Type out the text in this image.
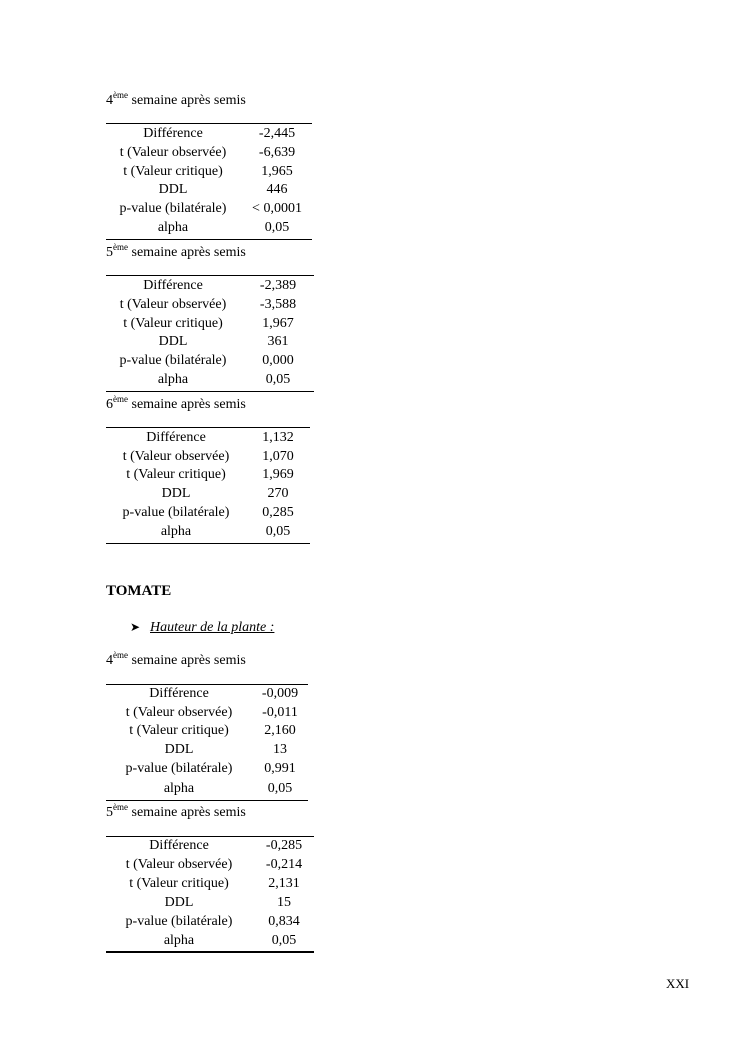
4ème semaine après semis
Différence	-2,445
t (Valeur observée)	-6,639
t (Valeur critique)	1,965
DDL	446
p-value (bilatérale)	< 0,0001
alpha	0,05
5ème semaine après semis
Différence	-2,389
t (Valeur observée)	-3,588
t (Valeur critique)	1,967
DDL	361
p-value (bilatérale)	0,000
alpha	0,05
6ème semaine après semis
Différence	1,132
t (Valeur observée)	1,070
t (Valeur critique)	1,969
DDL	270
p-value (bilatérale)	0,285
alpha	0,05
TOMATE
➤ Hauteur de la plante :
4ème semaine après semis
Différence	-0,009
t (Valeur observée)	-0,011
t (Valeur critique)	2,160
DDL	13
p-value (bilatérale)	0,991
alpha	0,05
5ème semaine après semis
Différence	-0,285
t (Valeur observée)	-0,214
t (Valeur critique)	2,131
DDL	15
p-value (bilatérale)	0,834
alpha	0,05
XXI
